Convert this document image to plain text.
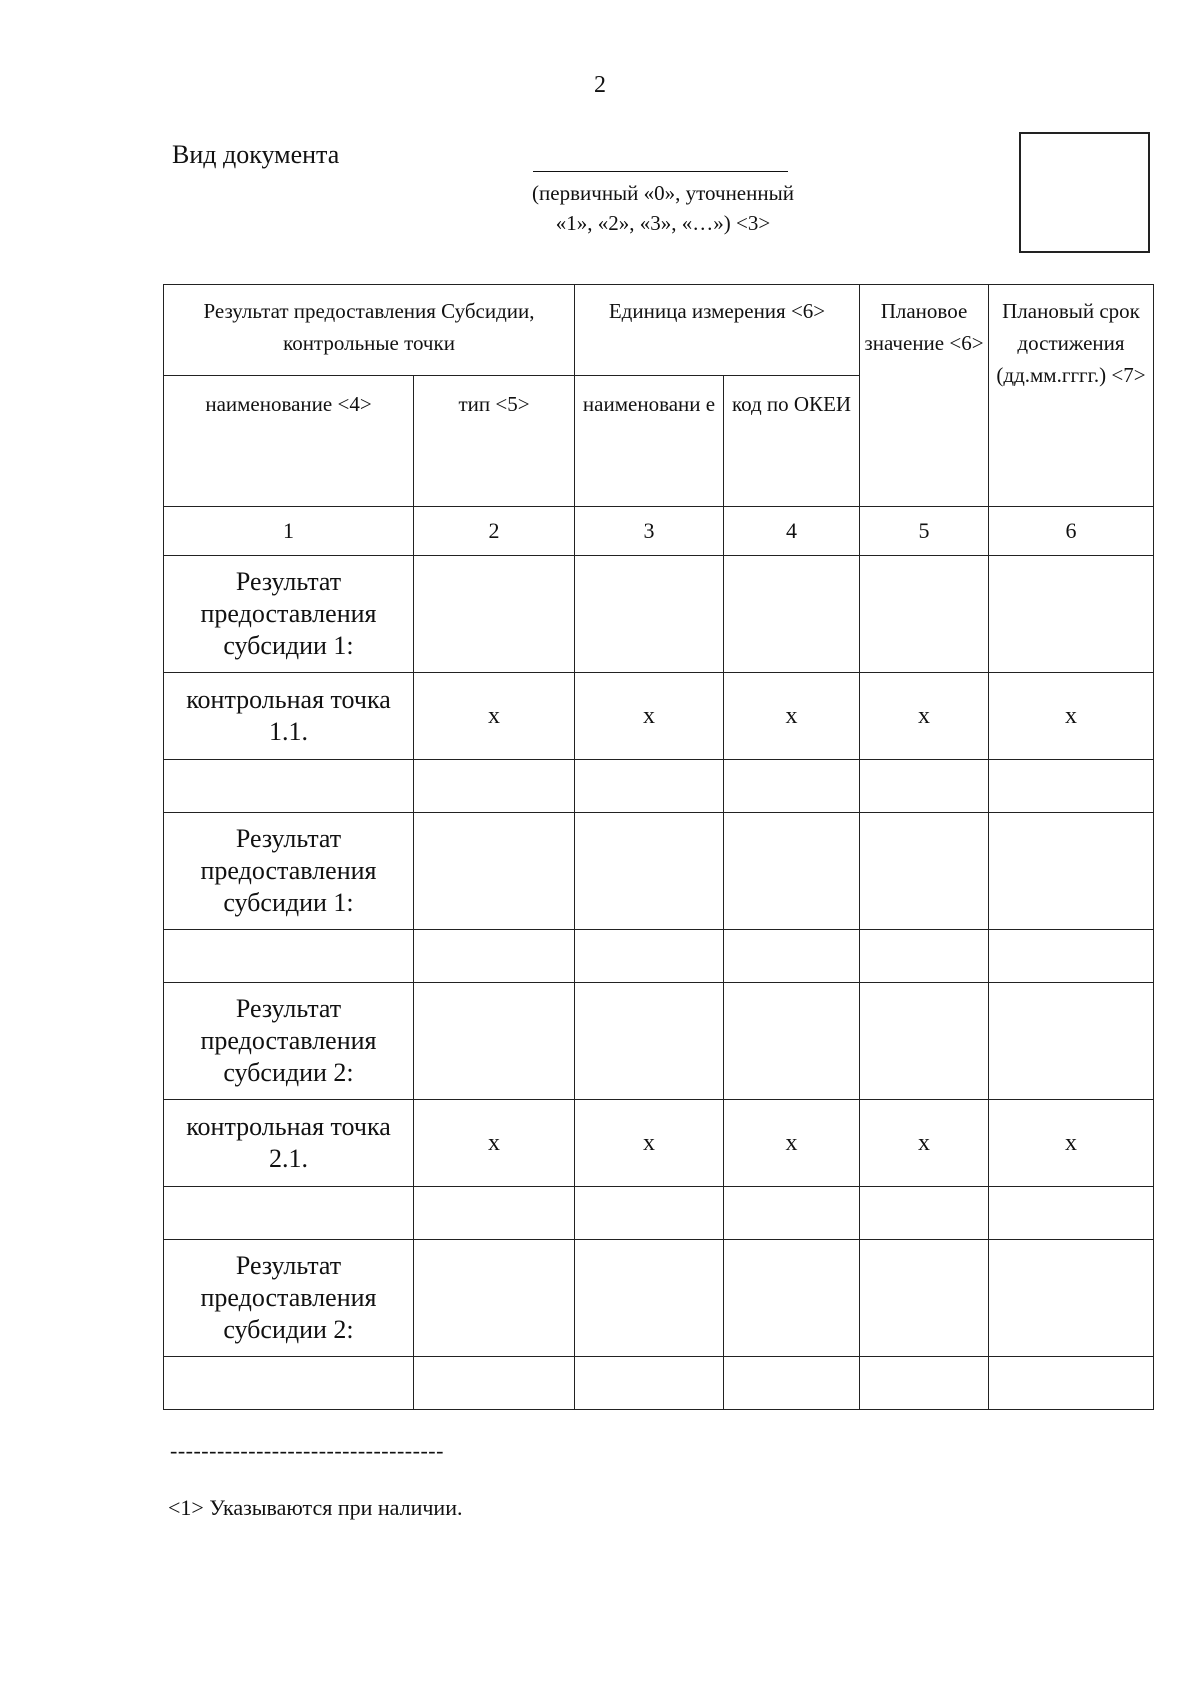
2
Вид документа
(первичный «0», уточненный
«1», «2», «3», «…») <3>
Результат предоставления Субсидии, контрольные точки		Единица измерения <6>		Плановое значение <6>	Плановый срок достижения (дд.мм.гггг.) <7>
наименование <4>	тип <5>	наименовани е	код по ОКЕИ		
1	2	3	4	5	6
Результат предоставления субсидии 1:					
контрольная точка 1.1.	х	х	х	х	х

Результат предоставления субсидии 1:					

Результат предоставления субсидии 2:					
контрольная точка 2.1.	х	х	х	х	х

Результат предоставления субсидии 2:					

-----------------------------------
<1> Указываются при наличии.
